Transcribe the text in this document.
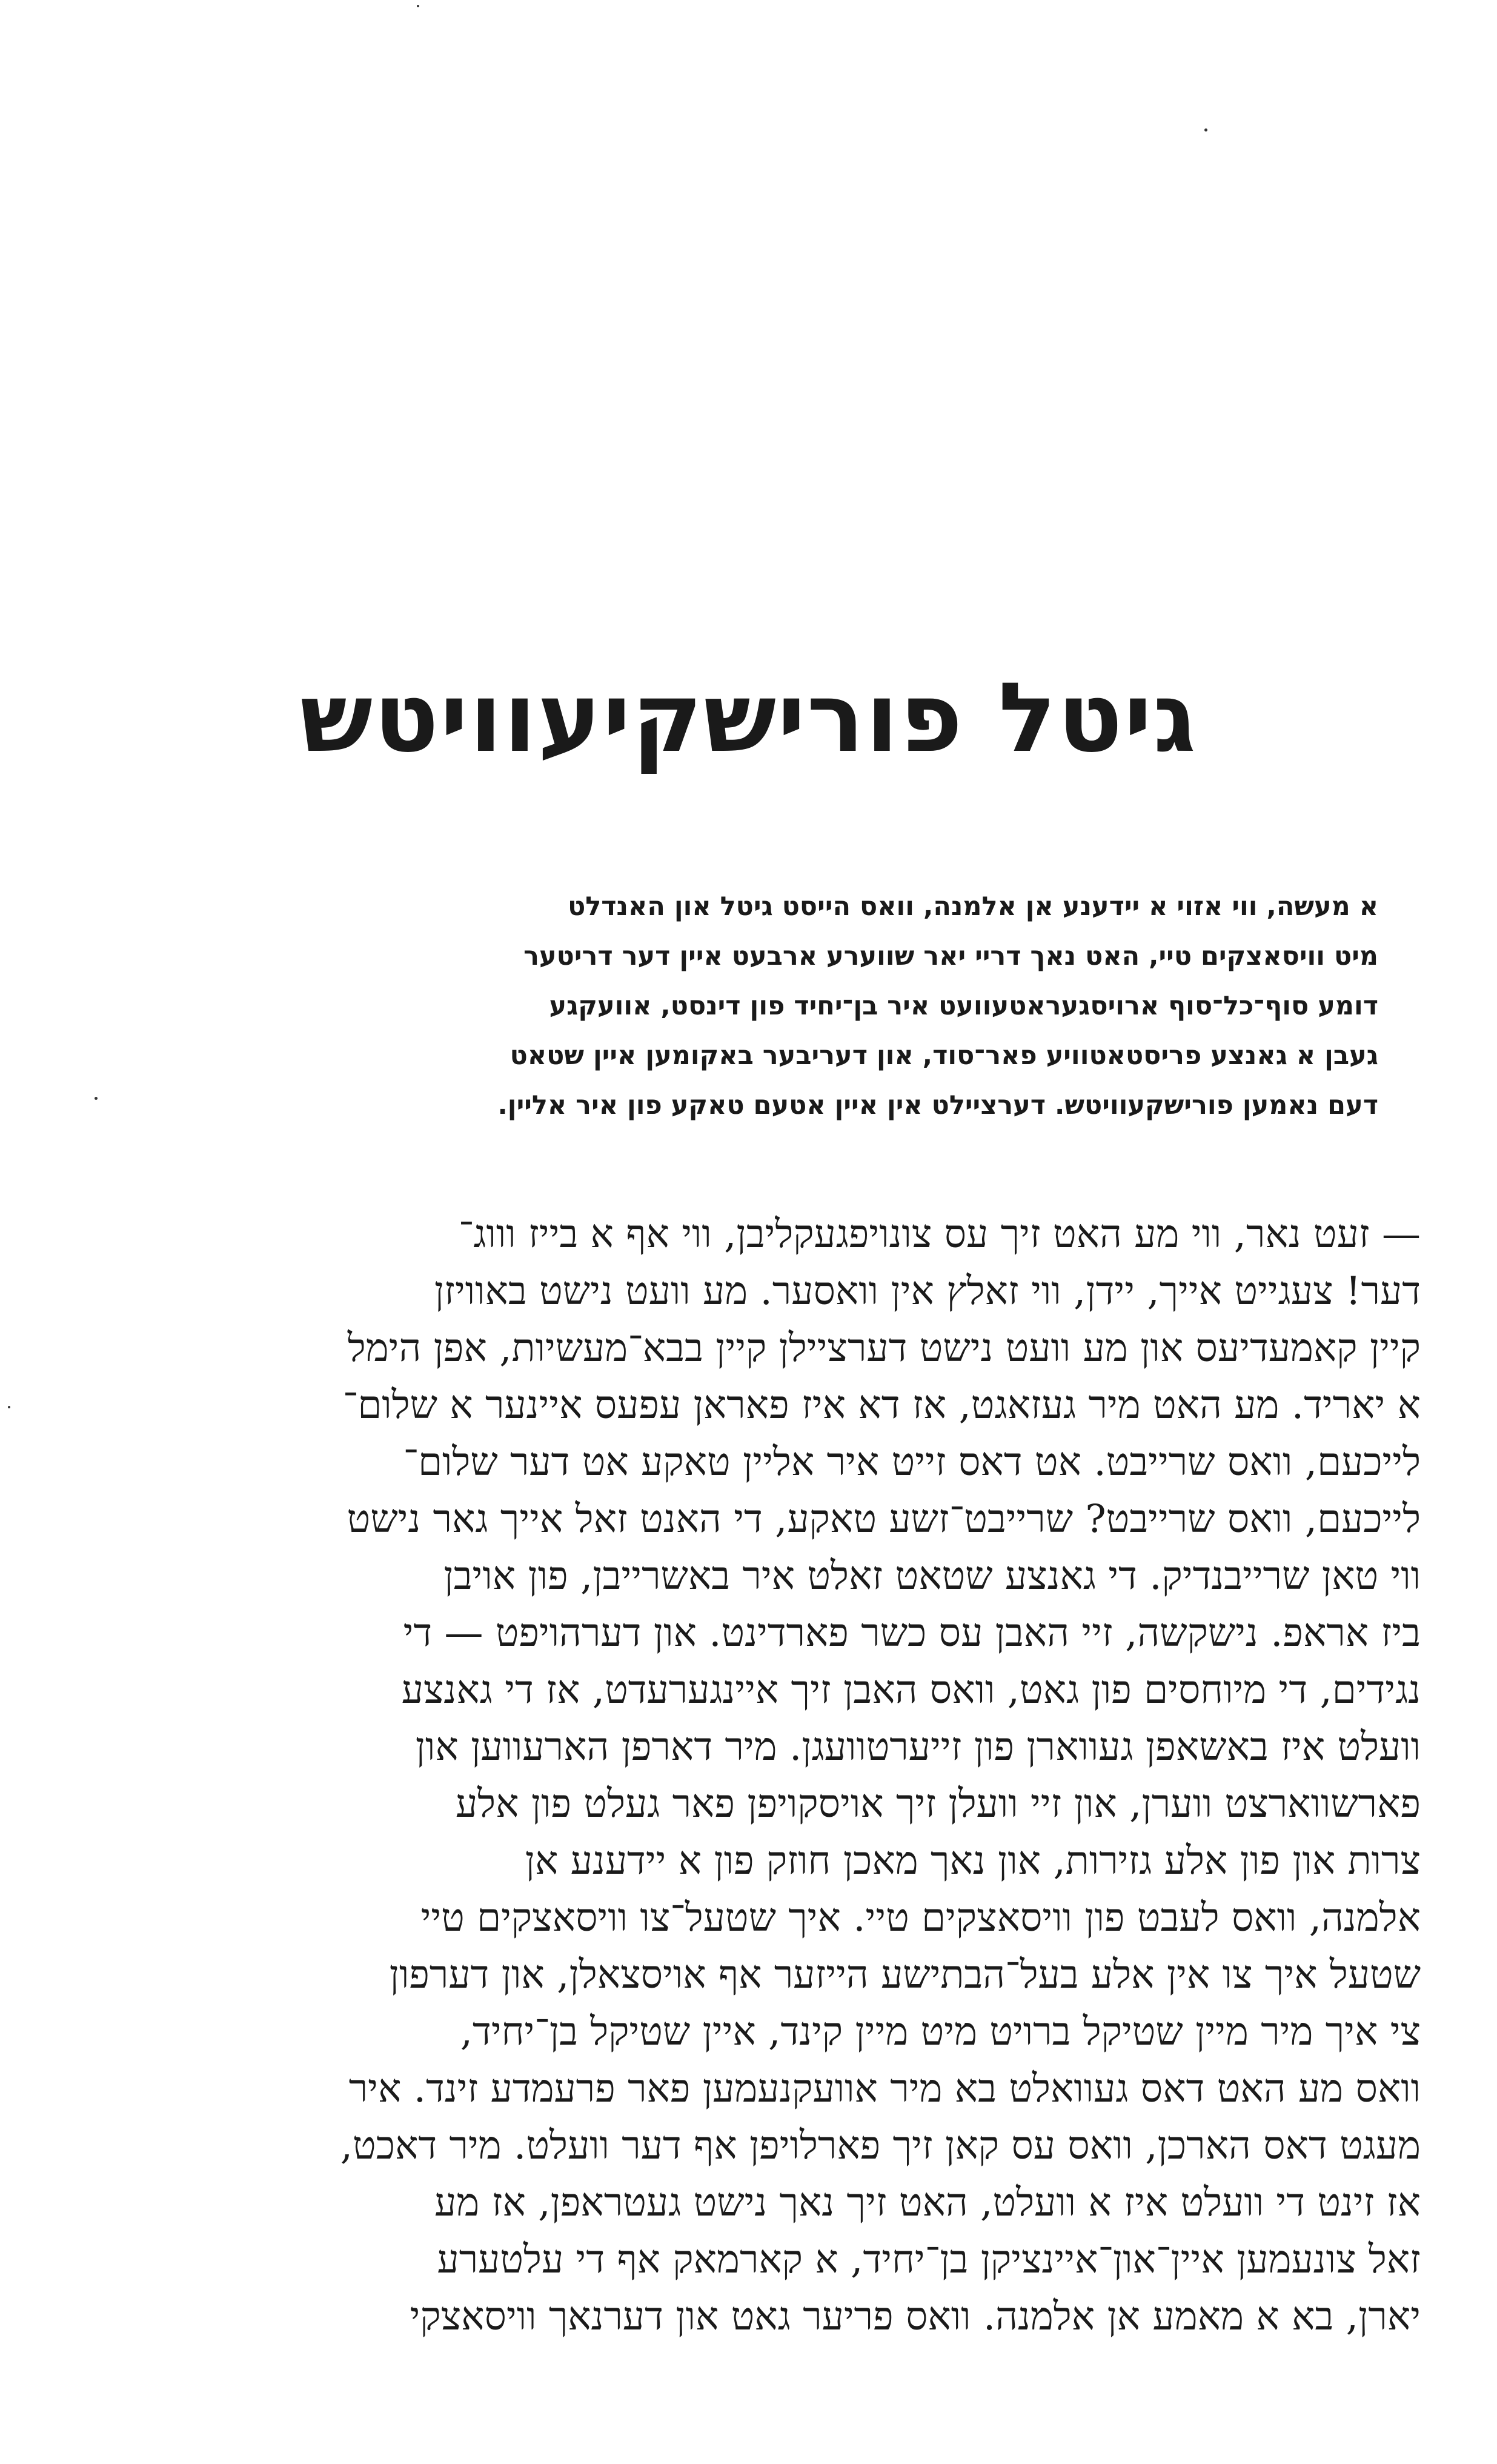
גיטל פורישקיעוויטש
א מעשה, ווי אזוי א יידענע אן אלמנה, וואס הייסט גיטל און האנדלט
מיט וויסאצקים טיי, האט נאך דריי יאר שווערע ארבעט איין דער דריטער
דומע סוף־כל־סוף ארויסגעראטעוועט איר בן־יחיד פון דינסט, אוועקגע
געבן א גאנצע פריסטאטוויע פאר־סוד, און דעריבער באקומען איין שטאט
דעם נאמען פורישקעוויטש. דערציילט אין איין אטעם טאקע פון איר אליין.
— זעט נאר, ווי מע האט זיך עס צונויפגעקליבן, ווי אף א בייז וווג־
דער! צעגייט אייך, יידן, ווי זאלץ אין וואסער. מע וועט נישט באוויזן
קיין קאמעדיעס און מע וועט נישט דערציילן קיין בבא־מעשיות, אפן הימל
א יאריד. מע האט מיר געזאגט, אז דא איז פאראן עפעס איינער א שלום־
לייכעם, וואס שרייבט. אט דאס זייט איר אליין טאקע אט דער שלום־
לייכעם, וואס שרייבט? שרייבט־זשע טאקע, די האנט זאל אייך גאר נישט
ווי טאן שרייבנדיק. די גאנצע שטאט זאלט איר באשרייבן, פון אויבן
ביז אראפ. נישקשה, זיי האבן עס כשר פארדינט. און דערהויפט — די
נגידים, די מיוחסים פון גאט, וואס האבן זיך איינגערעדט, אז די גאנצע
וועלט איז באשאפן געווארן פון זייערטוועגן. מיר דארפן הארעווען און
פארשווארצט ווערן, און זיי וועלן זיך אויסקויפן פאר געלט פון אלע
צרות און פון אלע גזירות, און נאך מאכן חוזק פון א יידענע אן
אלמנה, וואס לעבט פון וויסאצקים טיי. איך שטעל־צו וויסאצקים טיי
שטעל איך צו אין אלע בעל־הבתישע הייזער אף אויסצאלן, און דערפון
צי איך מיר מיין שטיקל ברויט מיט מיין קינד, איין שטיקל בן־יחיד,
וואס מע האט דאס געוואלט בא מיר אוועקנעמען פאר פרעמדע זינד. איר
מעגט דאס הארכן, וואס עס קאן זיך פארלויפן אף דער וועלט. מיר דאכט,
אז זינט די וועלט איז א וועלט, האט זיך נאך נישט געטראפן, אז מע
זאל צונעמען איין־און־איינציקן בן־יחיד, א קארמאק אף די עלטערע
יארן, בא א מאמע אן אלמנה. וואס פריער גאט און דערנאך וויסאצקי
